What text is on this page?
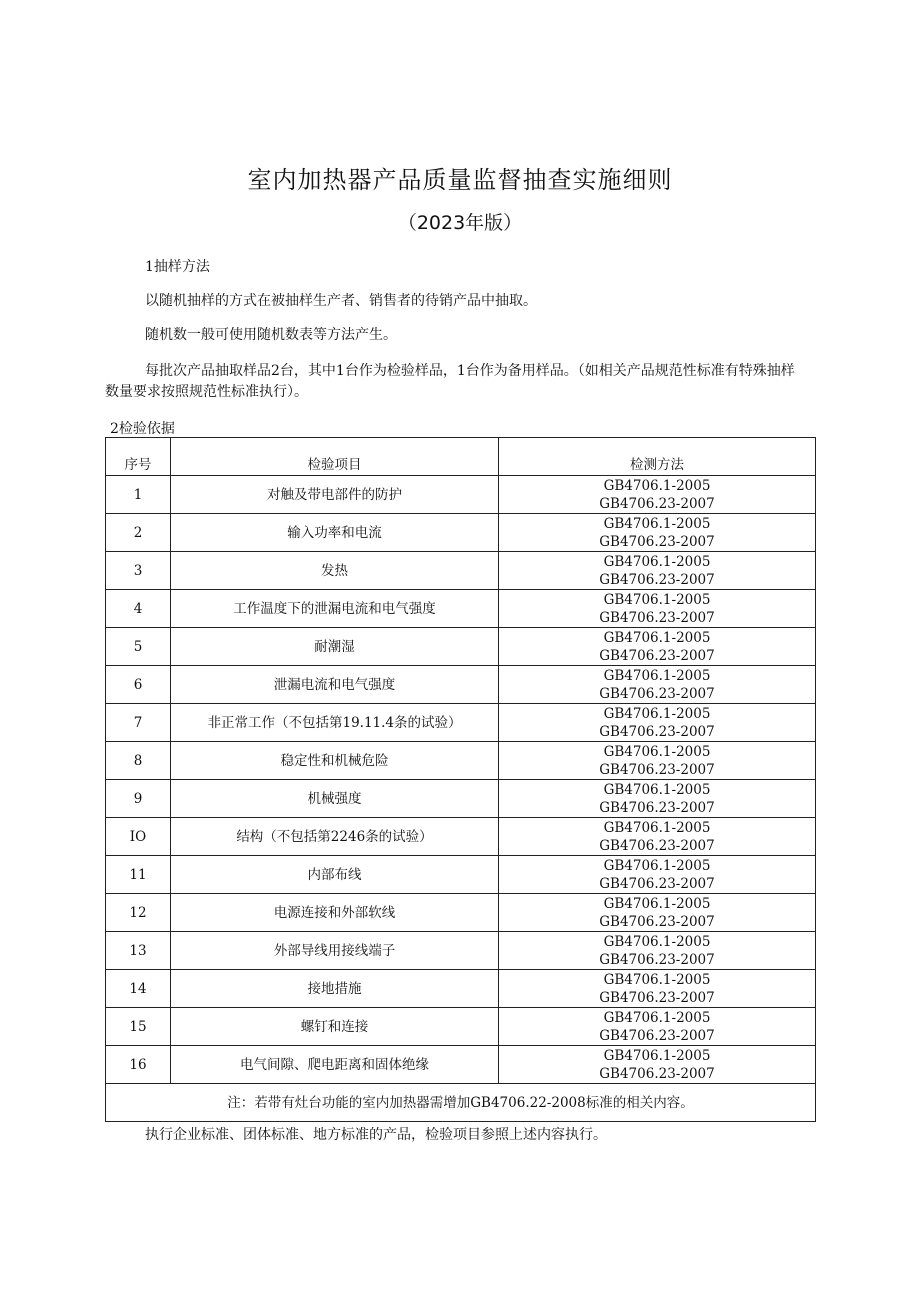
室内加热器产品质量监督抽查实施细则
（2023年版）
1抽样方法
以随机抽样的方式在被抽样生产者、销售者的待销产品中抽取。
随机数一般可使用随机数表等方法产生。
每批次产品抽取样品2台，其中1台作为检验样品，1台作为备用样品。（如相关产品规范性标准有特殊抽样数量要求按照规范性标准执行）。
2检验依据
序号	检验项目	检测方法
1	对触及带电部件的防护	GB4706.1-2005
GB4706.23-2007

2	输入功率和电流	GB4706.1-2005
GB4706.23-2007

3	发热	GB4706.1-2005
GB4706.23-2007

4	工作温度下的泄漏电流和电气强度	GB4706.1-2005
GB4706.23-2007

5	耐潮湿	GB4706.1-2005
GB4706.23-2007

6	泄漏电流和电气强度	GB4706.1-2005
GB4706.23-2007

7	非正常工作（不包括第19.11.4条的试验）	GB4706.1-2005
GB4706.23-2007

8	稳定性和机械危险	GB4706.1-2005
GB4706.23-2007

9	机械强度	GB4706.1-2005
GB4706.23-2007

IO	结构（不包括第2246条的试验）	GB4706.1-2005
GB4706.23-2007

11	内部布线	GB4706.1-2005
GB4706.23-2007

12	电源连接和外部软线	GB4706.1-2005
GB4706.23-2007

13	外部导线用接线端子	GB4706.1-2005
GB4706.23-2007

14	接地措施	GB4706.1-2005
GB4706.23-2007

15	螺钉和连接	GB4706.1-2005
GB4706.23-2007

16	电气间隙、爬电距离和固体绝缘	GB4706.1-2005
GB4706.23-2007

注：若带有灶台功能的室内加热器需增加GB4706.22-2008标准的相关内容。		
执行企业标准、团体标准、地方标准的产品，检验项目参照上述内容执行。
